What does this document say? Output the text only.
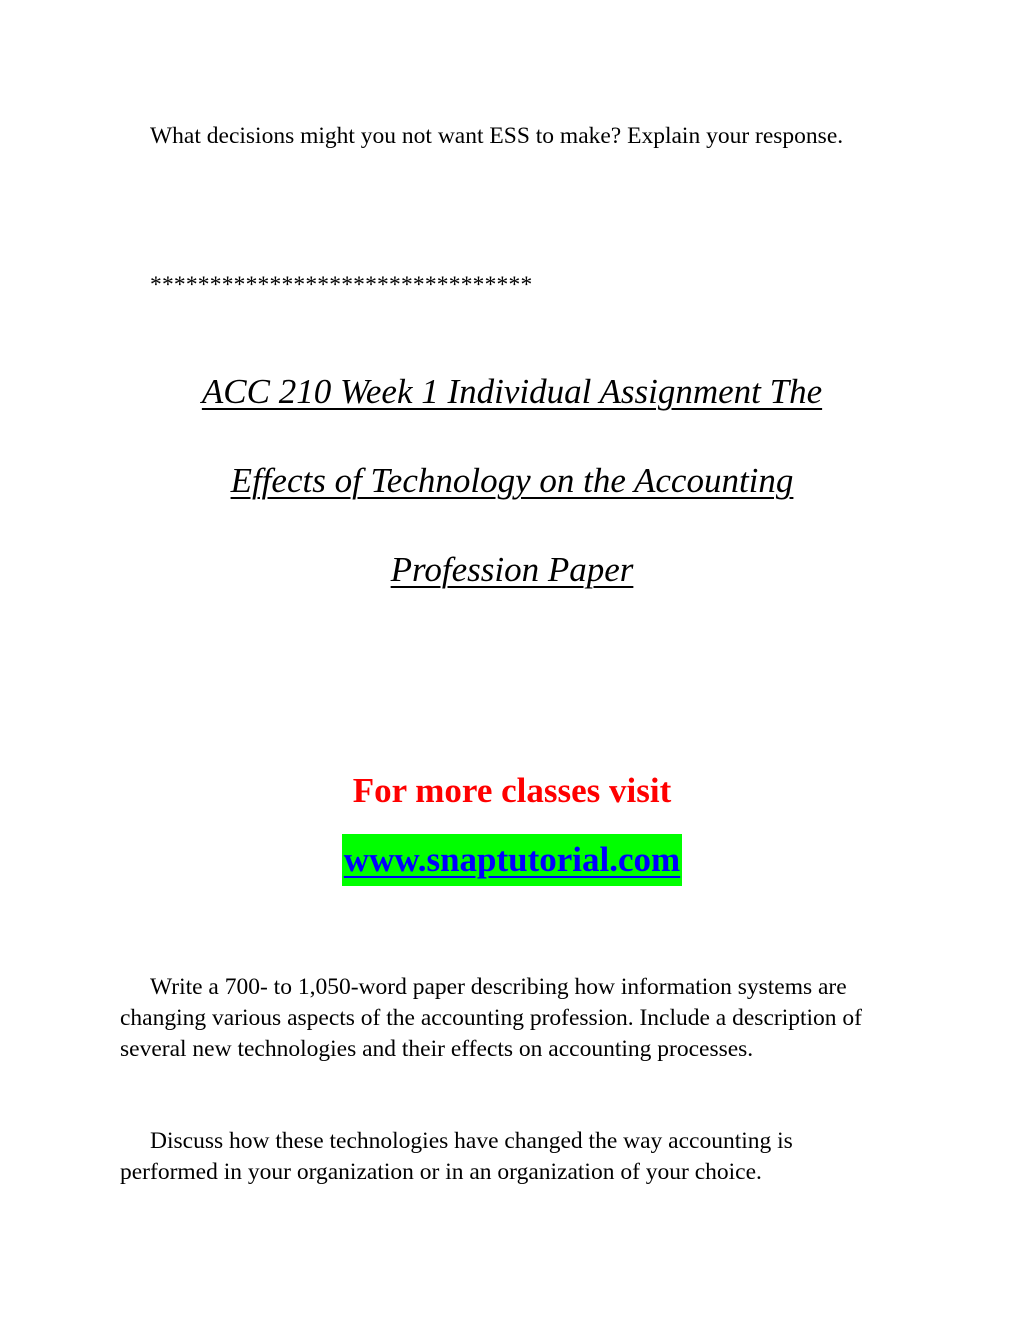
What decisions might you not want ESS to make? Explain your response.

********************************

ACC 210 Week 1 Individual Assignment The

Effects of Technology on the Accounting

Profession Paper

For more classes visit

www.snaptutorial.com

Write a 700- to 1,050-word paper describing how information systems are changing various aspects of the accounting profession. Include a description of several new technologies and their effects on accounting processes.

Discuss how these technologies have changed the way accounting is performed in your organization or in an organization of your choice.
